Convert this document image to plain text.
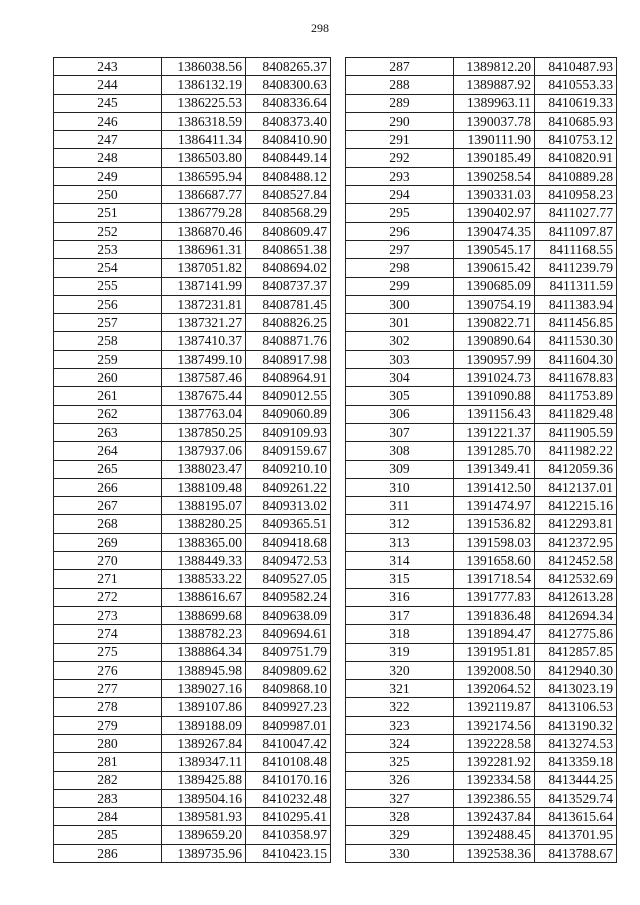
298
243	1386038.56	8408265.37
244	1386132.19	8408300.63
245	1386225.53	8408336.64
246	1386318.59	8408373.40
247	1386411.34	8408410.90
248	1386503.80	8408449.14
249	1386595.94	8408488.12
250	1386687.77	8408527.84
251	1386779.28	8408568.29
252	1386870.46	8408609.47
253	1386961.31	8408651.38
254	1387051.82	8408694.02
255	1387141.99	8408737.37
256	1387231.81	8408781.45
257	1387321.27	8408826.25
258	1387410.37	8408871.76
259	1387499.10	8408917.98
260	1387587.46	8408964.91
261	1387675.44	8409012.55
262	1387763.04	8409060.89
263	1387850.25	8409109.93
264	1387937.06	8409159.67
265	1388023.47	8409210.10
266	1388109.48	8409261.22
267	1388195.07	8409313.02
268	1388280.25	8409365.51
269	1388365.00	8409418.68
270	1388449.33	8409472.53
271	1388533.22	8409527.05
272	1388616.67	8409582.24
273	1388699.68	8409638.09
274	1388782.23	8409694.61
275	1388864.34	8409751.79
276	1388945.98	8409809.62
277	1389027.16	8409868.10
278	1389107.86	8409927.23
279	1389188.09	8409987.01
280	1389267.84	8410047.42
281	1389347.11	8410108.48
282	1389425.88	8410170.16
283	1389504.16	8410232.48
284	1389581.93	8410295.41
285	1389659.20	8410358.97
286	1389735.96	8410423.15
287	1389812.20	8410487.93
288	1389887.92	8410553.33
289	1389963.11	8410619.33
290	1390037.78	8410685.93
291	1390111.90	8410753.12
292	1390185.49	8410820.91
293	1390258.54	8410889.28
294	1390331.03	8410958.23
295	1390402.97	8411027.77
296	1390474.35	8411097.87
297	1390545.17	8411168.55
298	1390615.42	8411239.79
299	1390685.09	8411311.59
300	1390754.19	8411383.94
301	1390822.71	8411456.85
302	1390890.64	8411530.30
303	1390957.99	8411604.30
304	1391024.73	8411678.83
305	1391090.88	8411753.89
306	1391156.43	8411829.48
307	1391221.37	8411905.59
308	1391285.70	8411982.22
309	1391349.41	8412059.36
310	1391412.50	8412137.01
311	1391474.97	8412215.16
312	1391536.82	8412293.81
313	1391598.03	8412372.95
314	1391658.60	8412452.58
315	1391718.54	8412532.69
316	1391777.83	8412613.28
317	1391836.48	8412694.34
318	1391894.47	8412775.86
319	1391951.81	8412857.85
320	1392008.50	8412940.30
321	1392064.52	8413023.19
322	1392119.87	8413106.53
323	1392174.56	8413190.32
324	1392228.58	8413274.53
325	1392281.92	8413359.18
326	1392334.58	8413444.25
327	1392386.55	8413529.74
328	1392437.84	8413615.64
329	1392488.45	8413701.95
330	1392538.36	8413788.67
